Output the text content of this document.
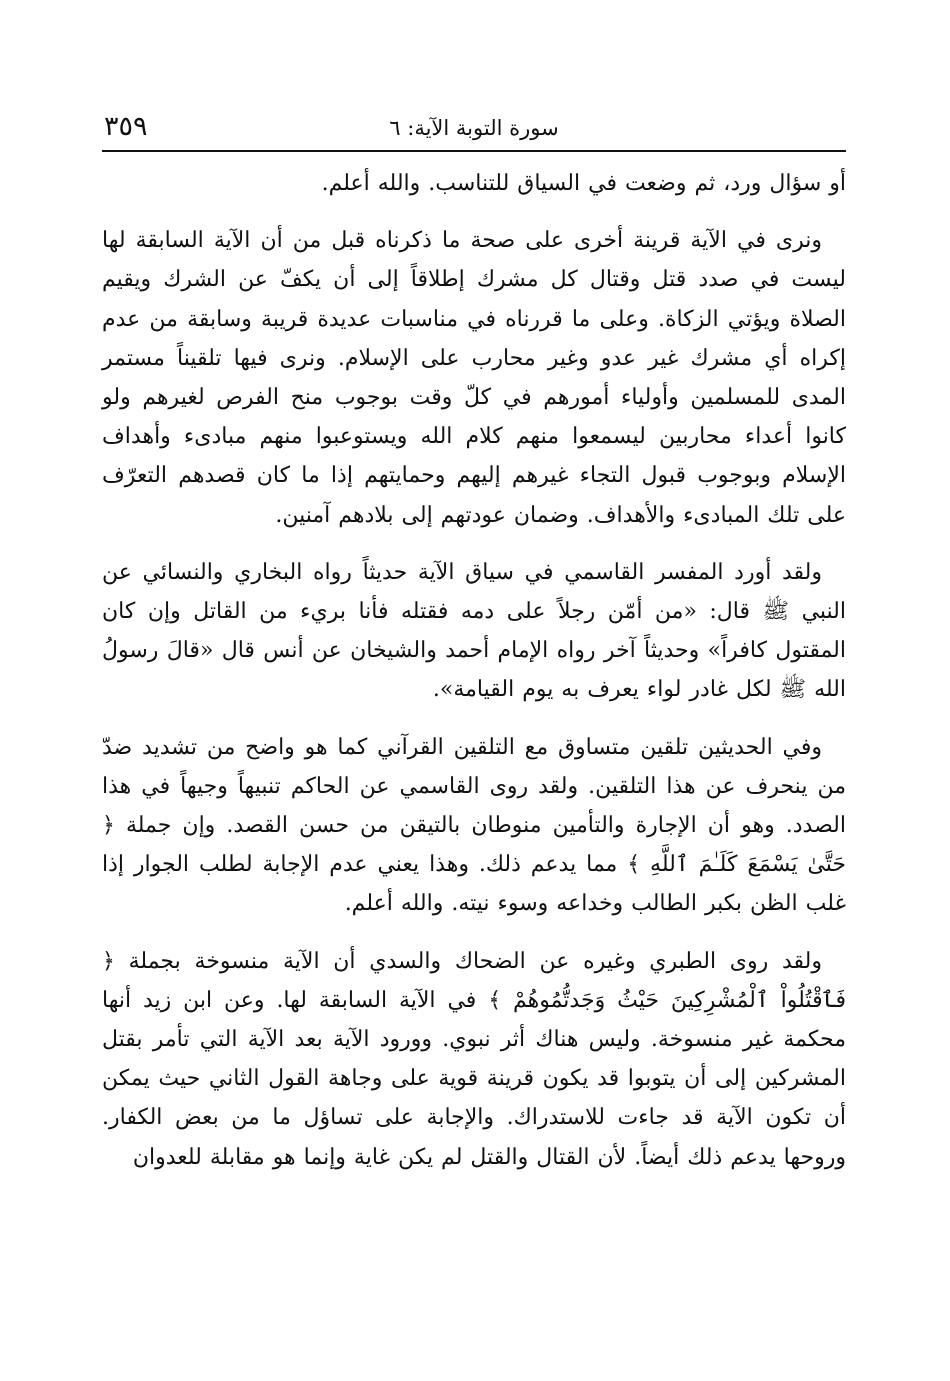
٣٥٩	سورة التوبة الآية: ٦

أو سؤال ورد، ثم وضعت في السياق للتناسب. والله أعلم.

ونرى في الآية قرينة أخرى على صحة ما ذكرناه قبل من أن الآية السابقة لها ليست في صدد قتل وقتال كل مشرك إطلاقاً إلى أن يكفّ عن الشرك ويقيم الصلاة ويؤتي الزكاة. وعلى ما قررناه في مناسبات عديدة قريبة وسابقة من عدم إكراه أي مشرك غير عدو وغير محارب على الإسلام. ونرى فيها تلقيناً مستمر المدى للمسلمين وأولياء أمورهم في كلّ وقت بوجوب منح الفرص لغيرهم ولو كانوا أعداء محاربين ليسمعوا منهم كلام الله ويستوعبوا منهم مبادىء وأهداف الإسلام وبوجوب قبول التجاء غيرهم إليهم وحمايتهم إذا ما كان قصدهم التعرّف على تلك المبادىء والأهداف. وضمان عودتهم إلى بلادهم آمنين.

ولقد أورد المفسر القاسمي في سياق الآية حديثاً رواه البخاري والنسائي عن النبي ﷺ قال: «من أمّن رجلاً على دمه فقتله فأنا بريء من القاتل وإن كان المقتول كافراً» وحديثاً آخر رواه الإمام أحمد والشيخان عن أنس قال «قالَ رسولُ الله ﷺ لكل غادر لواء يعرف به يوم القيامة».

وفي الحديثين تلقين متساوق مع التلقين القرآني كما هو واضح من تشديد ضدّ من ينحرف عن هذا التلقين. ولقد روى القاسمي عن الحاكم تنبيهاً وجيهاً في هذا الصدد. وهو أن الإجارة والتأمين منوطان بالتيقن من حسن القصد. وإن جملة ﴿ حَتَّىٰ يَسْمَعَ كَلَـٰمَ ٱللَّهِ ﴾ مما يدعم ذلك. وهذا يعني عدم الإجابة لطلب الجوار إذا غلب الظن بكبر الطالب وخداعه وسوء نيته. والله أعلم.

ولقد روى الطبري وغيره عن الضحاك والسدي أن الآية منسوخة بجملة ﴿ فَٱقْتُلُواْ ٱلْمُشْرِكِينَ حَيْثُ وَجَدتُّمُوهُمْ ﴾ في الآية السابقة لها. وعن ابن زيد أنها محكمة غير منسوخة. وليس هناك أثر نبوي. وورود الآية بعد الآية التي تأمر بقتل المشركين إلى أن يتوبوا قد يكون قرينة قوية على وجاهة القول الثاني حيث يمكن أن تكون الآية قد جاءت للاستدراك. والإجابة على تساؤل ما من بعض الكفار. وروحها يدعم ذلك أيضاً. لأن القتال والقتل لم يكن غاية وإنما هو مقابلة للعدوان
